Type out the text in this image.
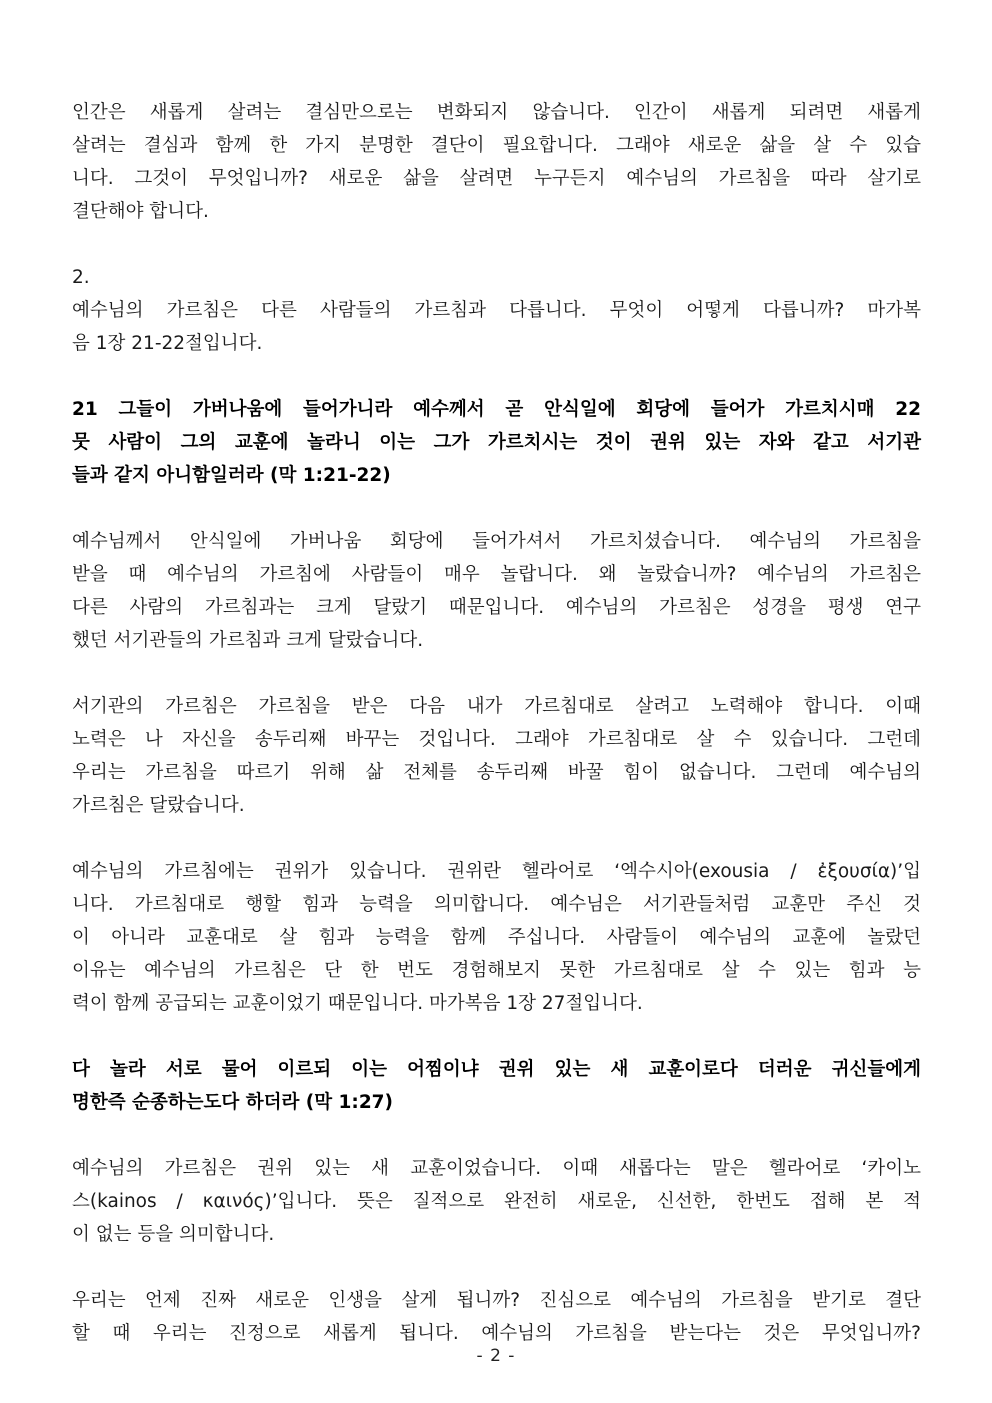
인간은 새롭게 살려는 결심만으로는 변화되지 않습니다. 인간이 새롭게 되려면 새롭게
살려는 결심과 함께 한 가지 분명한 결단이 필요합니다. 그래야 새로운 삶을 살 수 있습
니다. 그것이 무엇입니까? 새로운 삶을 살려면 누구든지 예수님의 가르침을 따라 살기로
결단해야 합니다.

2.

예수님의 가르침은 다른 사람들의 가르침과 다릅니다. 무엇이 어떻게 다릅니까? 마가복
음 1장 21-22절입니다.

21 그들이 가버나움에 들어가니라 예수께서 곧 안식일에 회당에 들어가 가르치시매 22
뭇 사람이 그의 교훈에 놀라니 이는 그가 가르치시는 것이 권위 있는 자와 같고 서기관
들과 같지 아니함일러라 (막 1:21-22)

예수님께서 안식일에 가버나움 회당에 들어가셔서 가르치셨습니다. 예수님의 가르침을
받을 때 예수님의 가르침에 사람들이 매우 놀랍니다. 왜 놀랐습니까? 예수님의 가르침은
다른 사람의 가르침과는 크게 달랐기 때문입니다. 예수님의 가르침은 성경을 평생 연구
했던 서기관들의 가르침과 크게 달랐습니다.

서기관의 가르침은 가르침을 받은 다음 내가 가르침대로 살려고 노력해야 합니다. 이때
노력은 나 자신을 송두리째 바꾸는 것입니다. 그래야 가르침대로 살 수 있습니다. 그런데
우리는 가르침을 따르기 위해 삶 전체를 송두리째 바꿀 힘이 없습니다. 그런데 예수님의
가르침은 달랐습니다.

예수님의 가르침에는 권위가 있습니다. 권위란 헬라어로 ‘엑수시아(exousia / ἐξουσία)’입
니다. 가르침대로 행할 힘과 능력을 의미합니다. 예수님은 서기관들처럼 교훈만 주신 것
이 아니라 교훈대로 살 힘과 능력을 함께 주십니다. 사람들이 예수님의 교훈에 놀랐던
이유는 예수님의 가르침은 단 한 번도 경험해보지 못한 가르침대로 살 수 있는 힘과 능
력이 함께 공급되는 교훈이었기 때문입니다. 마가복음 1장 27절입니다.

다 놀라 서로 물어 이르되 이는 어찜이냐 권위 있는 새 교훈이로다 더러운 귀신들에게
명한즉 순종하는도다 하더라 (막 1:27)

예수님의 가르침은 권위 있는 새 교훈이었습니다. 이때 새롭다는 말은 헬라어로 ‘카이노
스(kainos / καινός)’입니다. 뜻은 질적으로 완전히 새로운, 신선한, 한번도 접해 본 적
이 없는 등을 의미합니다.

우리는 언제 진짜 새로운 인생을 살게 됩니까? 진심으로 예수님의 가르침을 받기로 결단
할 때 우리는 진정으로 새롭게 됩니다. 예수님의 가르침을 받는다는 것은 무엇입니까?

- 2 -
